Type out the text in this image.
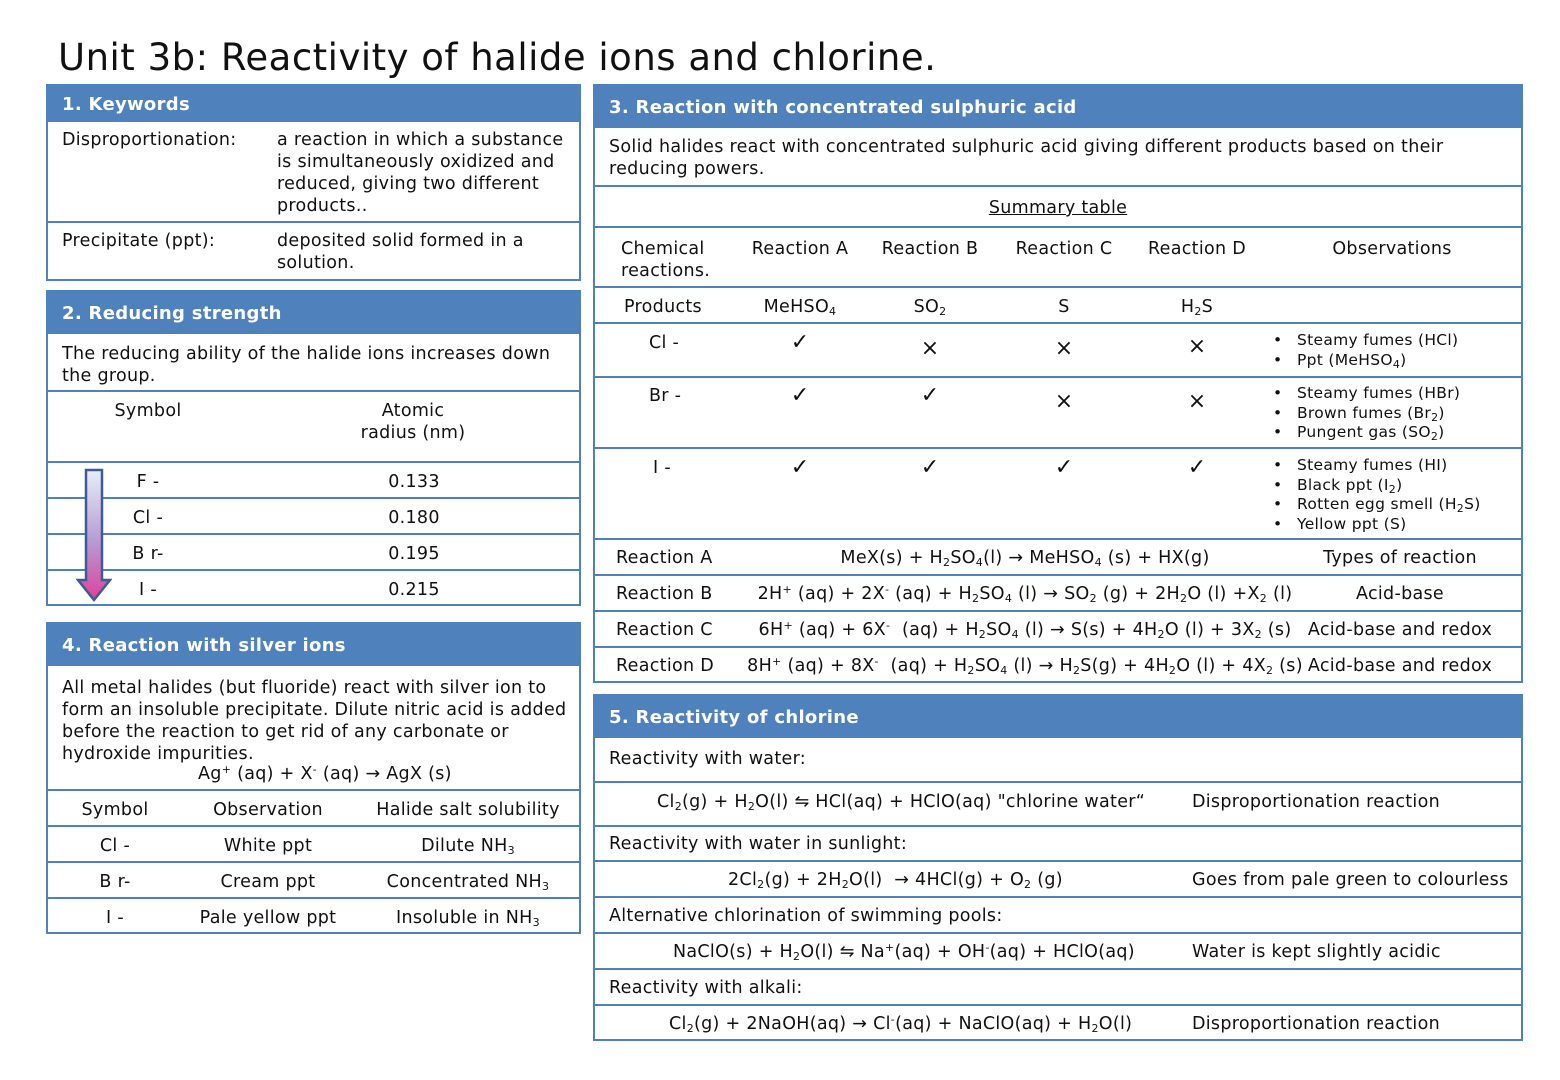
Unit 3b: Reactivity of halide ions and chlorine.
1. Keywords
Disproportionation: a reaction in which a substance is simultaneously oxidized and reduced, giving two different products..
Precipitate (ppt):	deposited solid formed in a solution.
2. Reducing strength
The reducing ability of the halide ions increases down the group.
Symbol	Atomic radius (nm)
F -	0.133
Cl -	0.180
B r-	0.195
I -	0.215
4. Reaction with silver ions
All metal halides (but fluoride) react with silver ion to form an insoluble precipitate. Dilute nitric acid is added before the reaction to get rid of any carbonate or hydroxide impurities.
Ag+ (aq) + X- (aq) → AgX (s)
Symbol	Observation	Halide salt solubility
Cl -	White ppt	Dilute $NH_3$
B r-	Cream ppt	Concentrated $NH_3$
I -	Pale yellow ppt	Insoluble in $NH_3$
3. Reaction with concentrated sulphuric acid
Solid halides react with concentrated sulphuric acid giving different products based on their reducing powers.
Summary table
Chemical reactions.
Reaction A	Reaction B	Reaction C	Reaction D	Observations
Products	MeHSO$_4$	$SO_2$	S	$H_2S$
Cl -	✓	×	×	×	• Steamy fumes (HCl)
• Ppt (MeHSO$_4$)
Br -	✓	✓	×	×	• Steamy fumes (HBr)
• Brown fumes $(Br_2)$
• Pungent gas $(SO_2)$
I -	✓	✓	✓	✓	• Steamy fumes (HI)
• Black ppt $(I_2)$
• Rotten egg smell $(H_2S)$
• Yellow ppt (S)
Reaction A	$MeX(s) + H_2SO_4(l)$ → MeHSO$_4$ (s) + HX(g)	Types of reaction
Reaction B	2H+ (aq) + 2X- $(aq) + H_2SO_4$ $(l) \to SO_2$ $(g) + 2H_2O$ $(l) +X_2$ (l)	Acid-base
Reaction C	6H+ (aq) + 6X-  $(aq) + H_2SO_4$ $(l) \to S(s) + 4H_2O$ $(l) + 3X_2$ (s) Acid-base and redox
Reaction D	8H+ (aq) + 8X-  $(aq) + H_2SO_4$ $(l) \to H_2S(g) + 4H_2O$ $(l) + 4X_2$ (s) Acid-base and redox
5. Reactivity of chlorine
Reactivity with water:
$Cl_2(g) + H_2O(l)$ ⇋ HCl(aq) + HClO(aq) "chlorine water“	Disproportionation reaction
Reactivity with water in sunlight:
$2Cl_2(g) + 2H_2O(l) \to 4HCl(g) + O_2$ (g)	Goes from pale green to colourless
Alternative chlorination of swimming pools:
NaClO(s) + $H_2O(l)$ ⇋ Na+(aq) + OH-(aq) + HClO(aq)	Water is kept slightly acidic
Reactivity with alkali:
$Cl_2(g)$ + 2NaOH(aq) → Cl-(aq) + NaClO(aq) + $H_2O(l)$	Disproportionation reaction
